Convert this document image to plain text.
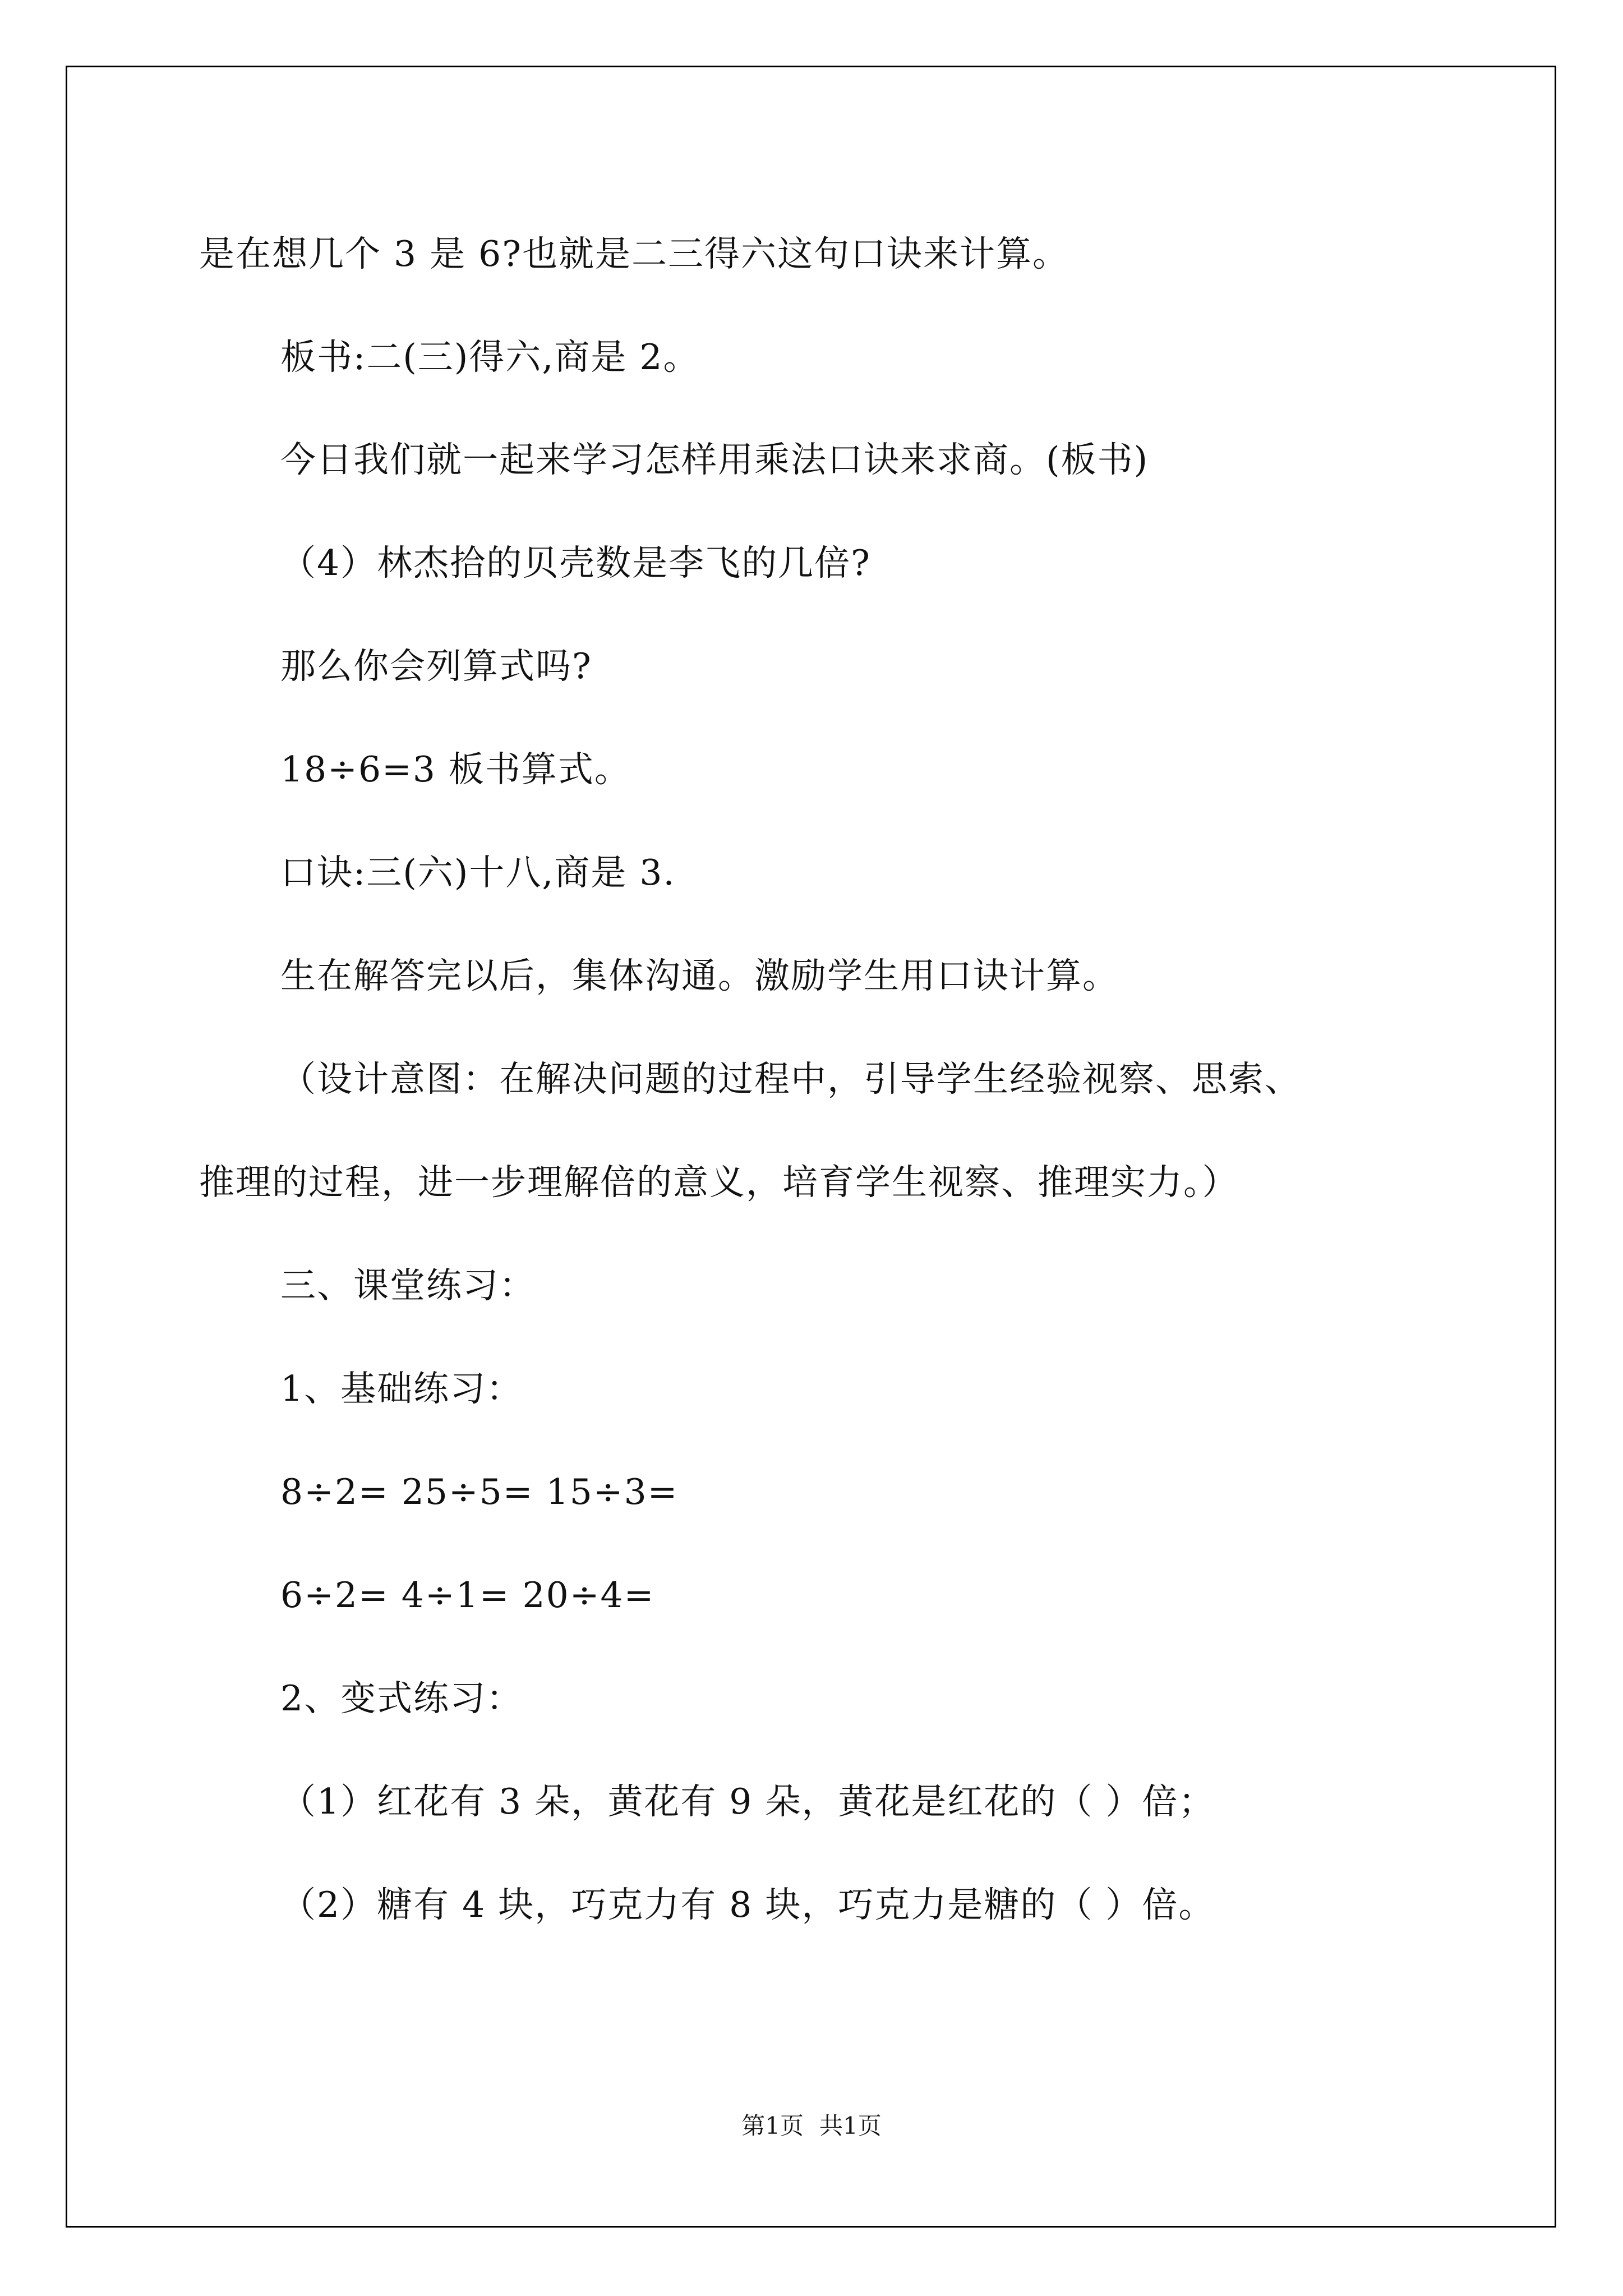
是在想几个 3 是 6?也就是二三得六这句口诀来计算。
板书:二(三)得六,商是 2。
今日我们就一起来学习怎样用乘法口诀来求商。(板书)
（4）林杰拾的贝壳数是李飞的几倍?
那么你会列算式吗?
18÷6=3 板书算式。
口诀:三(六)十八,商是 3.
生在解答完以后，集体沟通。激励学生用口诀计算。
（设计意图：在解决问题的过程中，引导学生经验视察、思索、
推理的过程，进一步理解倍的意义，培育学生视察、推理实力。）
三、课堂练习：
1、基础练习：
8÷2= 25÷5= 15÷3=
6÷2= 4÷1= 20÷4=
2、变式练习：
（1）红花有 3 朵，黄花有 9 朵，黄花是红花的（ ）倍；
（2）糖有 4 块，巧克力有 8 块，巧克力是糖的（ ）倍。
第1页 共1页
